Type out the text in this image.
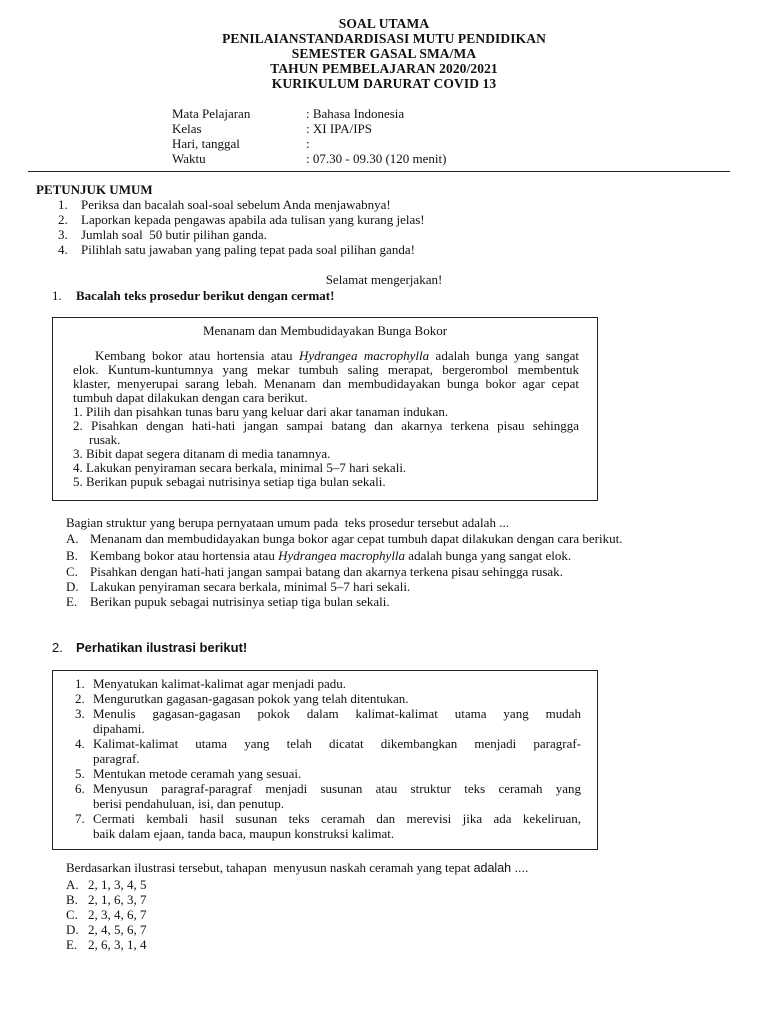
SOAL UTAMA
PENILAIANSTANDARDISASI MUTU PENDIDIKAN
SEMESTER GASAL SMA/MA
TAHUN PEMBELAJARAN 2020/2021
KURIKULUM DARURAT COVID 13
Mata Pelajaran	: Bahasa Indonesia
Kelas	: XI IPA/IPS
Hari, tanggal	:
Waktu	: 07.30 - 09.30 (120 menit)
PETUNJUK UMUM
1. Periksa dan bacalah soal-soal sebelum Anda menjawabnya!
2. Laporkan kepada pengawas apabila ada tulisan yang kurang jelas!
3. Jumlah soal  50 butir pilihan ganda.
4. Pilihlah satu jawaban yang paling tepat pada soal pilihan ganda!
Selamat mengerjakan!
1. Bacalah teks prosedur berikut dengan cermat!
Menanam dan Membudidayakan Bunga Bokor
Kembang bokor atau hortensia atau Hydrangea macrophylla adalah bunga yang sangat
elok. Kuntum-kuntumnya yang mekar tumbuh saling merapat, bergerombol membentuk
klaster, menyerupai sarang lebah. Menanam dan membudidayakan bunga bokor agar cepat
tumbuh dapat dilakukan dengan cara berikut.
1. Pilih dan pisahkan tunas baru yang keluar dari akar tanaman indukan.
2. Pisahkan dengan hati-hati jangan sampai batang dan akarnya terkena pisau sehingga
rusak.
3. Bibit dapat segera ditanam di media tanamnya.
4. Lakukan penyiraman secara berkala, minimal 5–7 hari sekali.
5. Berikan pupuk sebagai nutrisinya setiap tiga bulan sekali.
Bagian struktur yang berupa pernyataan umum pada  teks prosedur tersebut adalah ...
A. Menanam dan membudidayakan bunga bokor agar cepat tumbuh dapat dilakukan dengan cara berikut.
B. Kembang bokor atau hortensia atau Hydrangea macrophylla adalah bunga yang sangat elok.
C. Pisahkan dengan hati-hati jangan sampai batang dan akarnya terkena pisau sehingga rusak.
D. Lakukan penyiraman secara berkala, minimal 5–7 hari sekali.
E. Berikan pupuk sebagai nutrisinya setiap tiga bulan sekali.
2. Perhatikan ilustrasi berikut!
1. Menyatukan kalimat-kalimat agar menjadi padu.
2. Mengurutkan gagasan-gagasan pokok yang telah ditentukan.
3. Menulis gagasan-gagasan pokok dalam kalimat-kalimat utama yang mudah
dipahami.
4. Kalimat-kalimat utama yang telah dicatat dikembangkan menjadi paragraf-
paragraf.
5. Mentukan metode ceramah yang sesuai.
6. Menyusun paragraf-paragraf menjadi susunan atau struktur teks ceramah yang
berisi pendahuluan, isi, dan penutup.
7. Cermati kembali hasil susunan teks ceramah dan merevisi jika ada kekeliruan,
baik dalam ejaan, tanda baca, maupun konstruksi kalimat.
Berdasarkan ilustrasi tersebut, tahapan  menyusun naskah ceramah yang tepat adalah ....
A. 2, 1, 3, 4, 5
B. 2, 1, 6, 3, 7
C. 2, 3, 4, 6, 7
D. 2, 4, 5, 6, 7
E. 2, 6, 3, 1, 4
